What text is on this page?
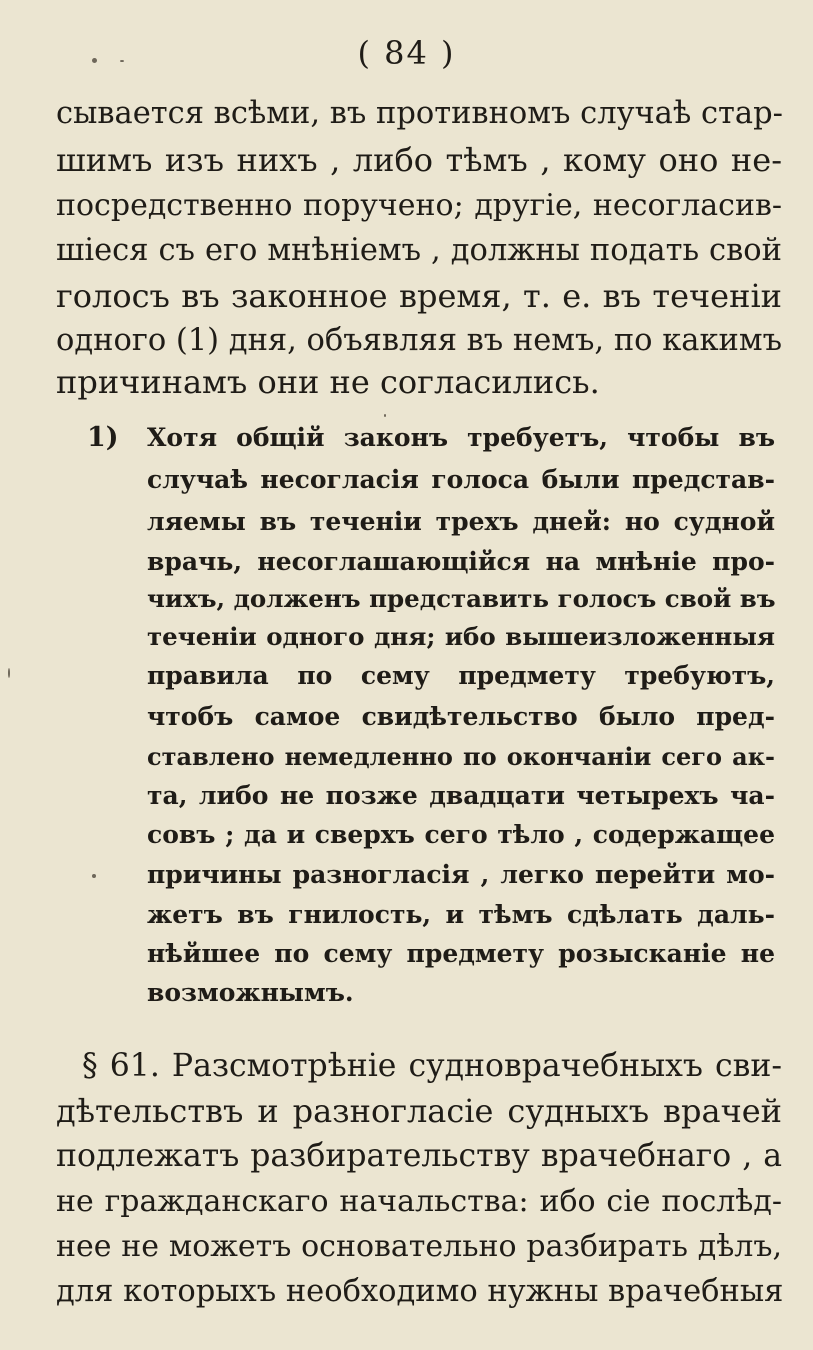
( 84 )
сывается всѣми, въ противномъ случаѣ стар-
шимъ изъ нихъ , либо тѣмъ , кому оно не-
посредственно поручено; другіе, несогласив-
шіеся съ его мнѣніемъ , должны подать свой
голосъ въ законное время, т. е. въ теченіи
одного (1) дня, объявляя въ немъ, по какимъ
причинамъ они не согласились.
1) Хотя общій законъ требуетъ, чтобы въ
случаѣ несогласія голоса были представ-
ляемы въ теченіи трехъ дней: но судной
врачь, несоглашающійся на мнѣніе про-
чихъ, долженъ представить голосъ свой въ
теченіи одного дня; ибо вышеизложенныя
правила по сему предмету требуютъ,
чтобъ самое свидѣтельство было пред-
ставлено немедленно по окончаніи сего ак-
та, либо не позже двадцати четырехъ ча-
совъ ; да и сверхъ сего тѣло , содержащее
причины разногласія , легко перейти мо-
жетъ въ гнилость, и тѣмъ сдѣлать даль-
нѣйшее по сему предмету розысканіе не
возможнымъ.
§ 61. Разсмотрѣніе судноврачебныхъ сви-
дѣтельствъ и разногласіе судныхъ врачей
подлежатъ разбирательству врачебнаго , а
не гражданскаго начальства: ибо сіе послѣд-
нее не можетъ основательно разбирать дѣлъ,
для которыхъ необходимо нужны врачебныя
